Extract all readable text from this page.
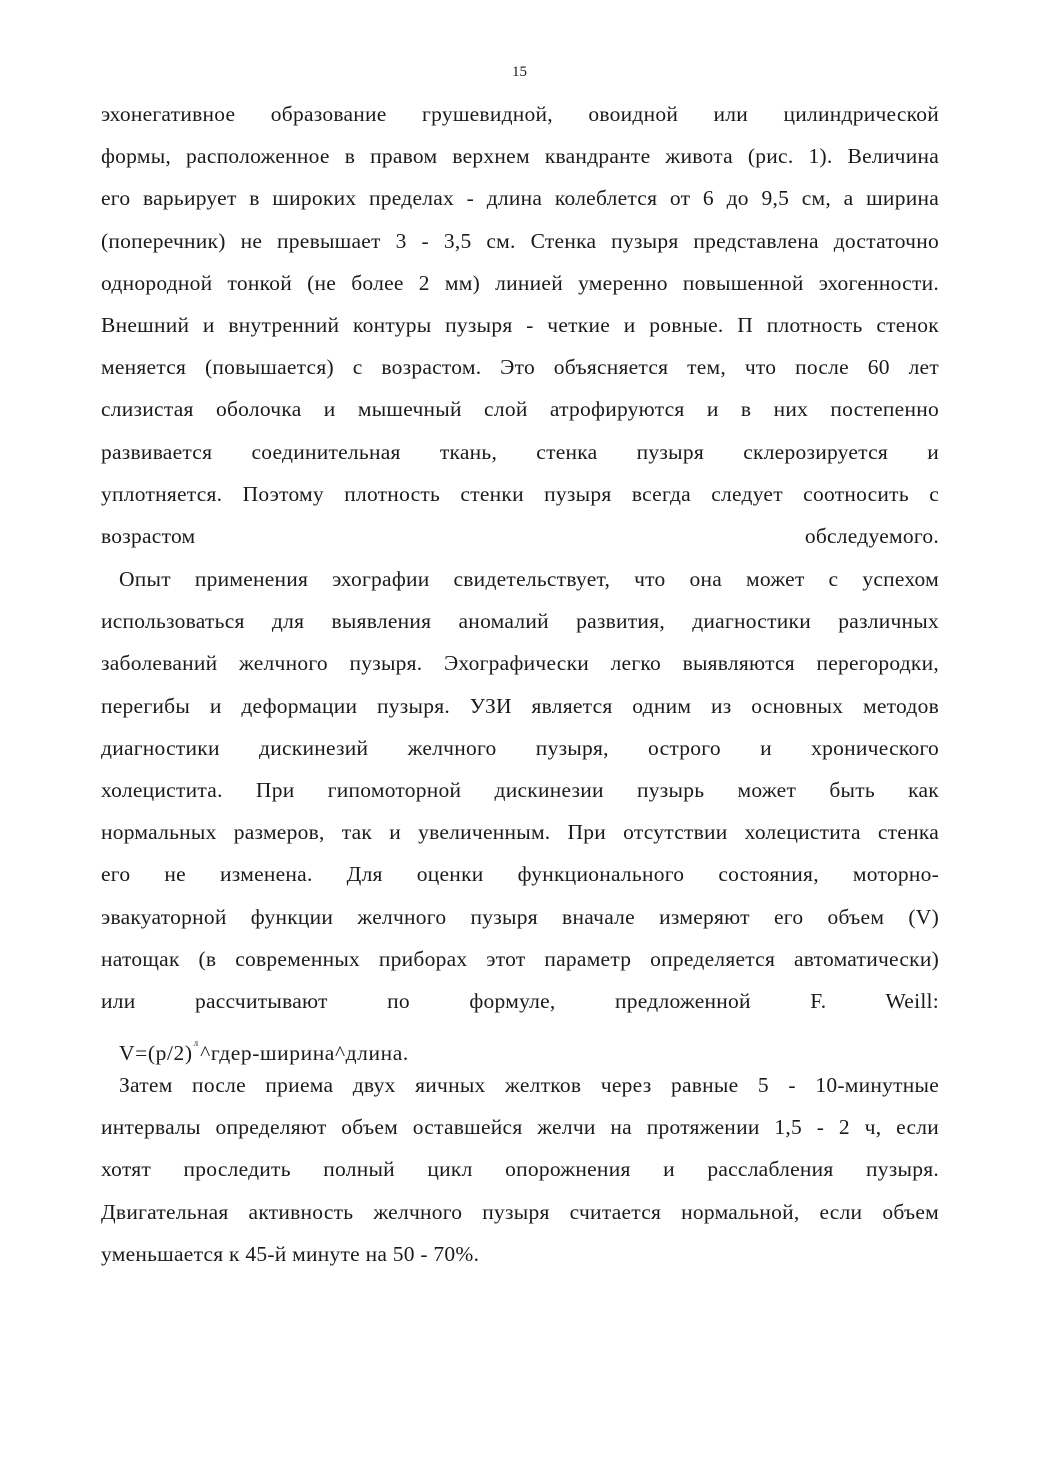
15
эхонегативное образование грушевидной, овоидной или цилиндрической
формы, расположенное в правом верхнем квандранте живота (рис. 1). Величина
его варьирует в широких пределах - длина колеблется от 6 до 9,5 см, а ширина
(поперечник) не превышает 3 - 3,5 см. Стенка пузыря представлена достаточно
однородной тонкой (не более 2 мм) линией умеренно повышенной эхогенности.
Внешний и внутренний контуры пузыря - четкие и ровные. П плотность стенок
меняется (повышается) с возрастом. Это объясняется тем, что после 60 лет
слизистая оболочка и мышечный слой атрофируются и в них постепенно
развивается соединительная ткань, стенка пузыря склерозируется и
уплотняется. Поэтому плотность стенки пузыря всегда следует соотносить с
возрастом обследуемого.
Опыт применения эхографии свидетельствует, что она может с успехом
использоваться для выявления аномалий развития, диагностики различных
заболеваний желчного пузыря. Эхографически легко выявляются перегородки,
перегибы и деформации пузыря. УЗИ является одним из основных методов
диагностики дискинезий желчного пузыря, острого и хронического
холецистита. При гипомоторной дискинезии пузырь может быть как
нормальных размеров, так и увеличенным. При отсутствии холецистита стенка
его не изменена. Для оценки функционального состояния, моторно-
эвакуаторной функции желчного пузыря вначале измеряют его объем (V)
натощак (в современных приборах этот параметр определяется автоматически)
или рассчитывают по формуле, предложенной F. Weill:
$V=(p/2)^л\^{}гдер-ширина\^{}длина$.
Затем после приема двух яичных желтков через равные 5 - 10-минутные
интервалы определяют объем оставшейся желчи на протяжении 1,5 - 2 ч, если
хотят проследить полный цикл опорожнения и расслабления пузыря.
Двигательная активность желчного пузыря считается нормальной, если объем
уменьшается к 45-й минуте на 50 - 70%.
